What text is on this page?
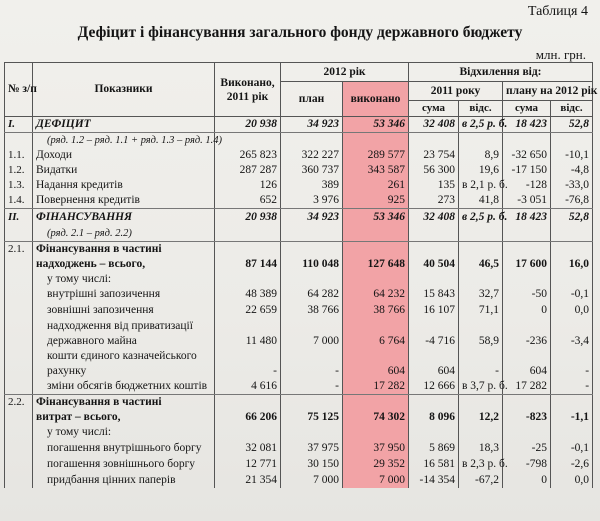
Таблиця 4
Дефіцит і фінансування загального фонду державного бюджету
млн. грн.
№ з/п	Показники	Виконано, 2011 рік	2012 рік		Відхилення від:			
			план	виконано	2011 року		плану на 2012 рік	
					сума	відс.	сума	відс.
I.	ДЕФІЦИТ	20 938	34 923	53 346	32 408	в 2,5 р. б.	18 423	52,8
	(ряд. 1.2 – ряд. 1.1 + ряд. 1.3 – ряд. 1.4)							
1.1.	Доходи	265 823	322 227	289 577	23 754	8,9	-32 650	-10,1
1.2.	Видатки	287 287	360 737	343 587	56 300	19,6	-17 150	-4,8
1.3.	Надання кредитів	126	389	261	135	в 2,1 р. б.	-128	-33,0
1.4.	Повернення кредитів	652	3 976	925	273	41,8	-3 051	-76,8
II.	ФІНАНСУВАННЯ	20 938	34 923	53 346	32 408	в 2,5 р. б.	18 423	52,8
	(ряд. 2.1 – ряд. 2.2)							
2.1.	Фінансування в частині							
	надходжень – всього,	87 144	110 048	127 648	40 504	46,5	17 600	16,0
	у тому числі:							
	внутрішні запозичення	48 389	64 282	64 232	15 843	32,7	-50	-0,1
	зовнішні запозичення	22 659	38 766	38 766	16 107	71,1	0	0,0
	надходження від приватизації							
	державного майна	11 480	7 000	6 764	-4 716	58,9	-236	-3,4
	кошти єдиного казначейського							
	рахунку	-	-	604	604	-	604	-
	зміни обсягів бюджетних коштів	4 616	-	17 282	12 666	в 3,7 р. б.	17 282	-
2.2.	Фінансування в частині							
	витрат – всього,	66 206	75 125	74 302	8 096	12,2	-823	-1,1
	у тому числі:							
	погашення внутрішнього боргу	32 081	37 975	37 950	5 869	18,3	-25	-0,1
	погашення зовнішнього боргу	12 771	30 150	29 352	16 581	в 2,3 р. б.	-798	-2,6
	придбання цінних паперів	21 354	7 000	7 000	-14 354	-67,2	0	0,0
